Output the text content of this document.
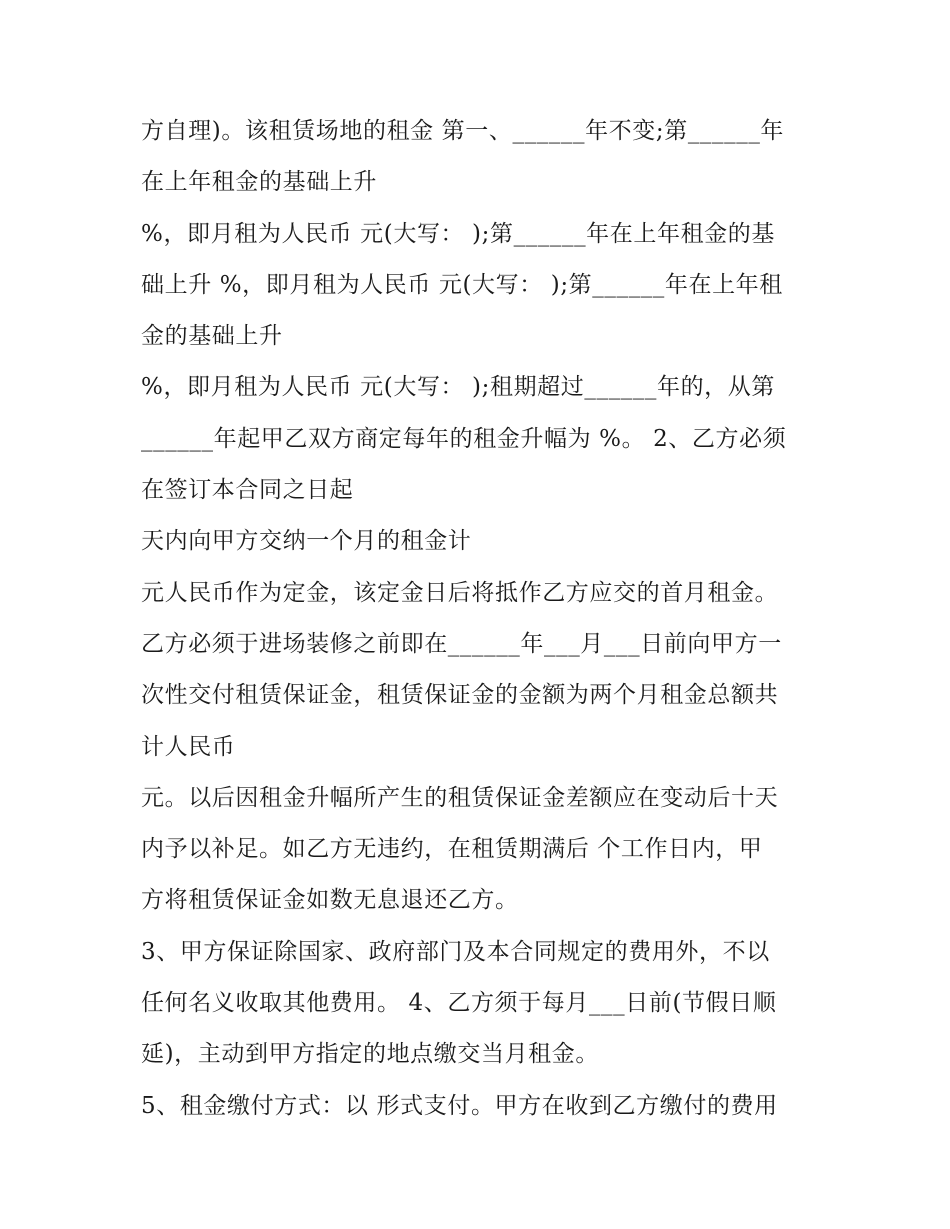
方自理)。该租赁场地的租金 第一、______年不变;第______年
在上年租金的基础上升
%，即月租为人民币 元(大写： );第______年在上年租金的基
础上升 %，即月租为人民币 元(大写： );第______年在上年租
金的基础上升
%，即月租为人民币 元(大写： );租期超过______年的，从第
______年起甲乙双方商定每年的租金升幅为 %。 2、乙方必须
在签订本合同之日起
天内向甲方交纳一个月的租金计
元人民币作为定金，该定金日后将抵作乙方应交的首月租金。
乙方必须于进场装修之前即在______年___月___日前向甲方一
次性交付租赁保证金，租赁保证金的金额为两个月租金总额共
计人民币
元。以后因租金升幅所产生的租赁保证金差额应在变动后十天
内予以补足。如乙方无违约，在租赁期满后 个工作日内，甲
方将租赁保证金如数无息退还乙方。
3、甲方保证除国家、政府部门及本合同规定的费用外，不以
任何名义收取其他费用。 4、乙方须于每月___日前(节假日顺
延)，主动到甲方指定的地点缴交当月租金。
5、租金缴付方式：以 形式支付。甲方在收到乙方缴付的费用
